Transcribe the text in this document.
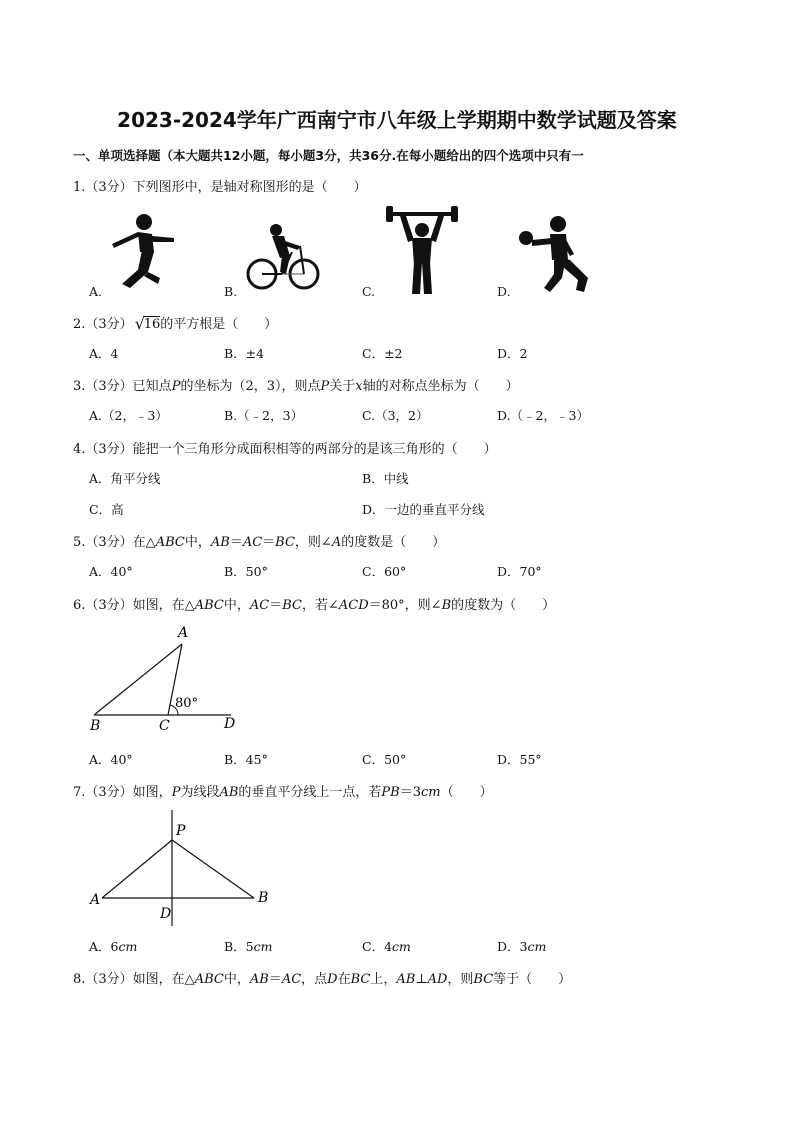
2023-2024学年广西南宁市八年级上学期期中数学试题及答案
一、单项选择题（本大题共12小题，每小题3分，共36分.在每小题给出的四个选项中只有一
1.（3分）下列图形中，是轴对称图形的是（　　）
A.	B.	C.	D.
2.（3分） √
16的平方根是（　　）
A．4	B．±4	C．±2	D．2
3.（3分）已知点P的坐标为（2，3），则点P关于x轴的对称点坐标为（　　）
A.（2，﹣3）	B.（﹣2，3）	C.（3，2）	D.（﹣2，﹣3）
4.（3分）能把一个三角形分成面积相等的两部分的是该三角形的（　　）
A．角平分线	B．中线
C．高	D．一边的垂直平分线
5.（3分）在△ABC中，AB＝AC＝BC，则∠A的度数是（　　）
A．40°	B．50°	C．60°	D．70°
6.（3分）如图，在△ABC中，AC＝BC，若∠ACD＝80°，则∠B的度数为（　　）
A
B	C	D
80°
A．40°	B．45°	C．50°	D．55°
7.（3分）如图，P为线段AB的垂直平分线上一点，若PB＝3cm（　　）
P
A	B
D
A．6cm	B．5cm	C．4cm	D．3cm
8.（3分）如图，在△ABC中，AB＝AC，点D在BC上，AB⊥AD，则BC等于（　　）
